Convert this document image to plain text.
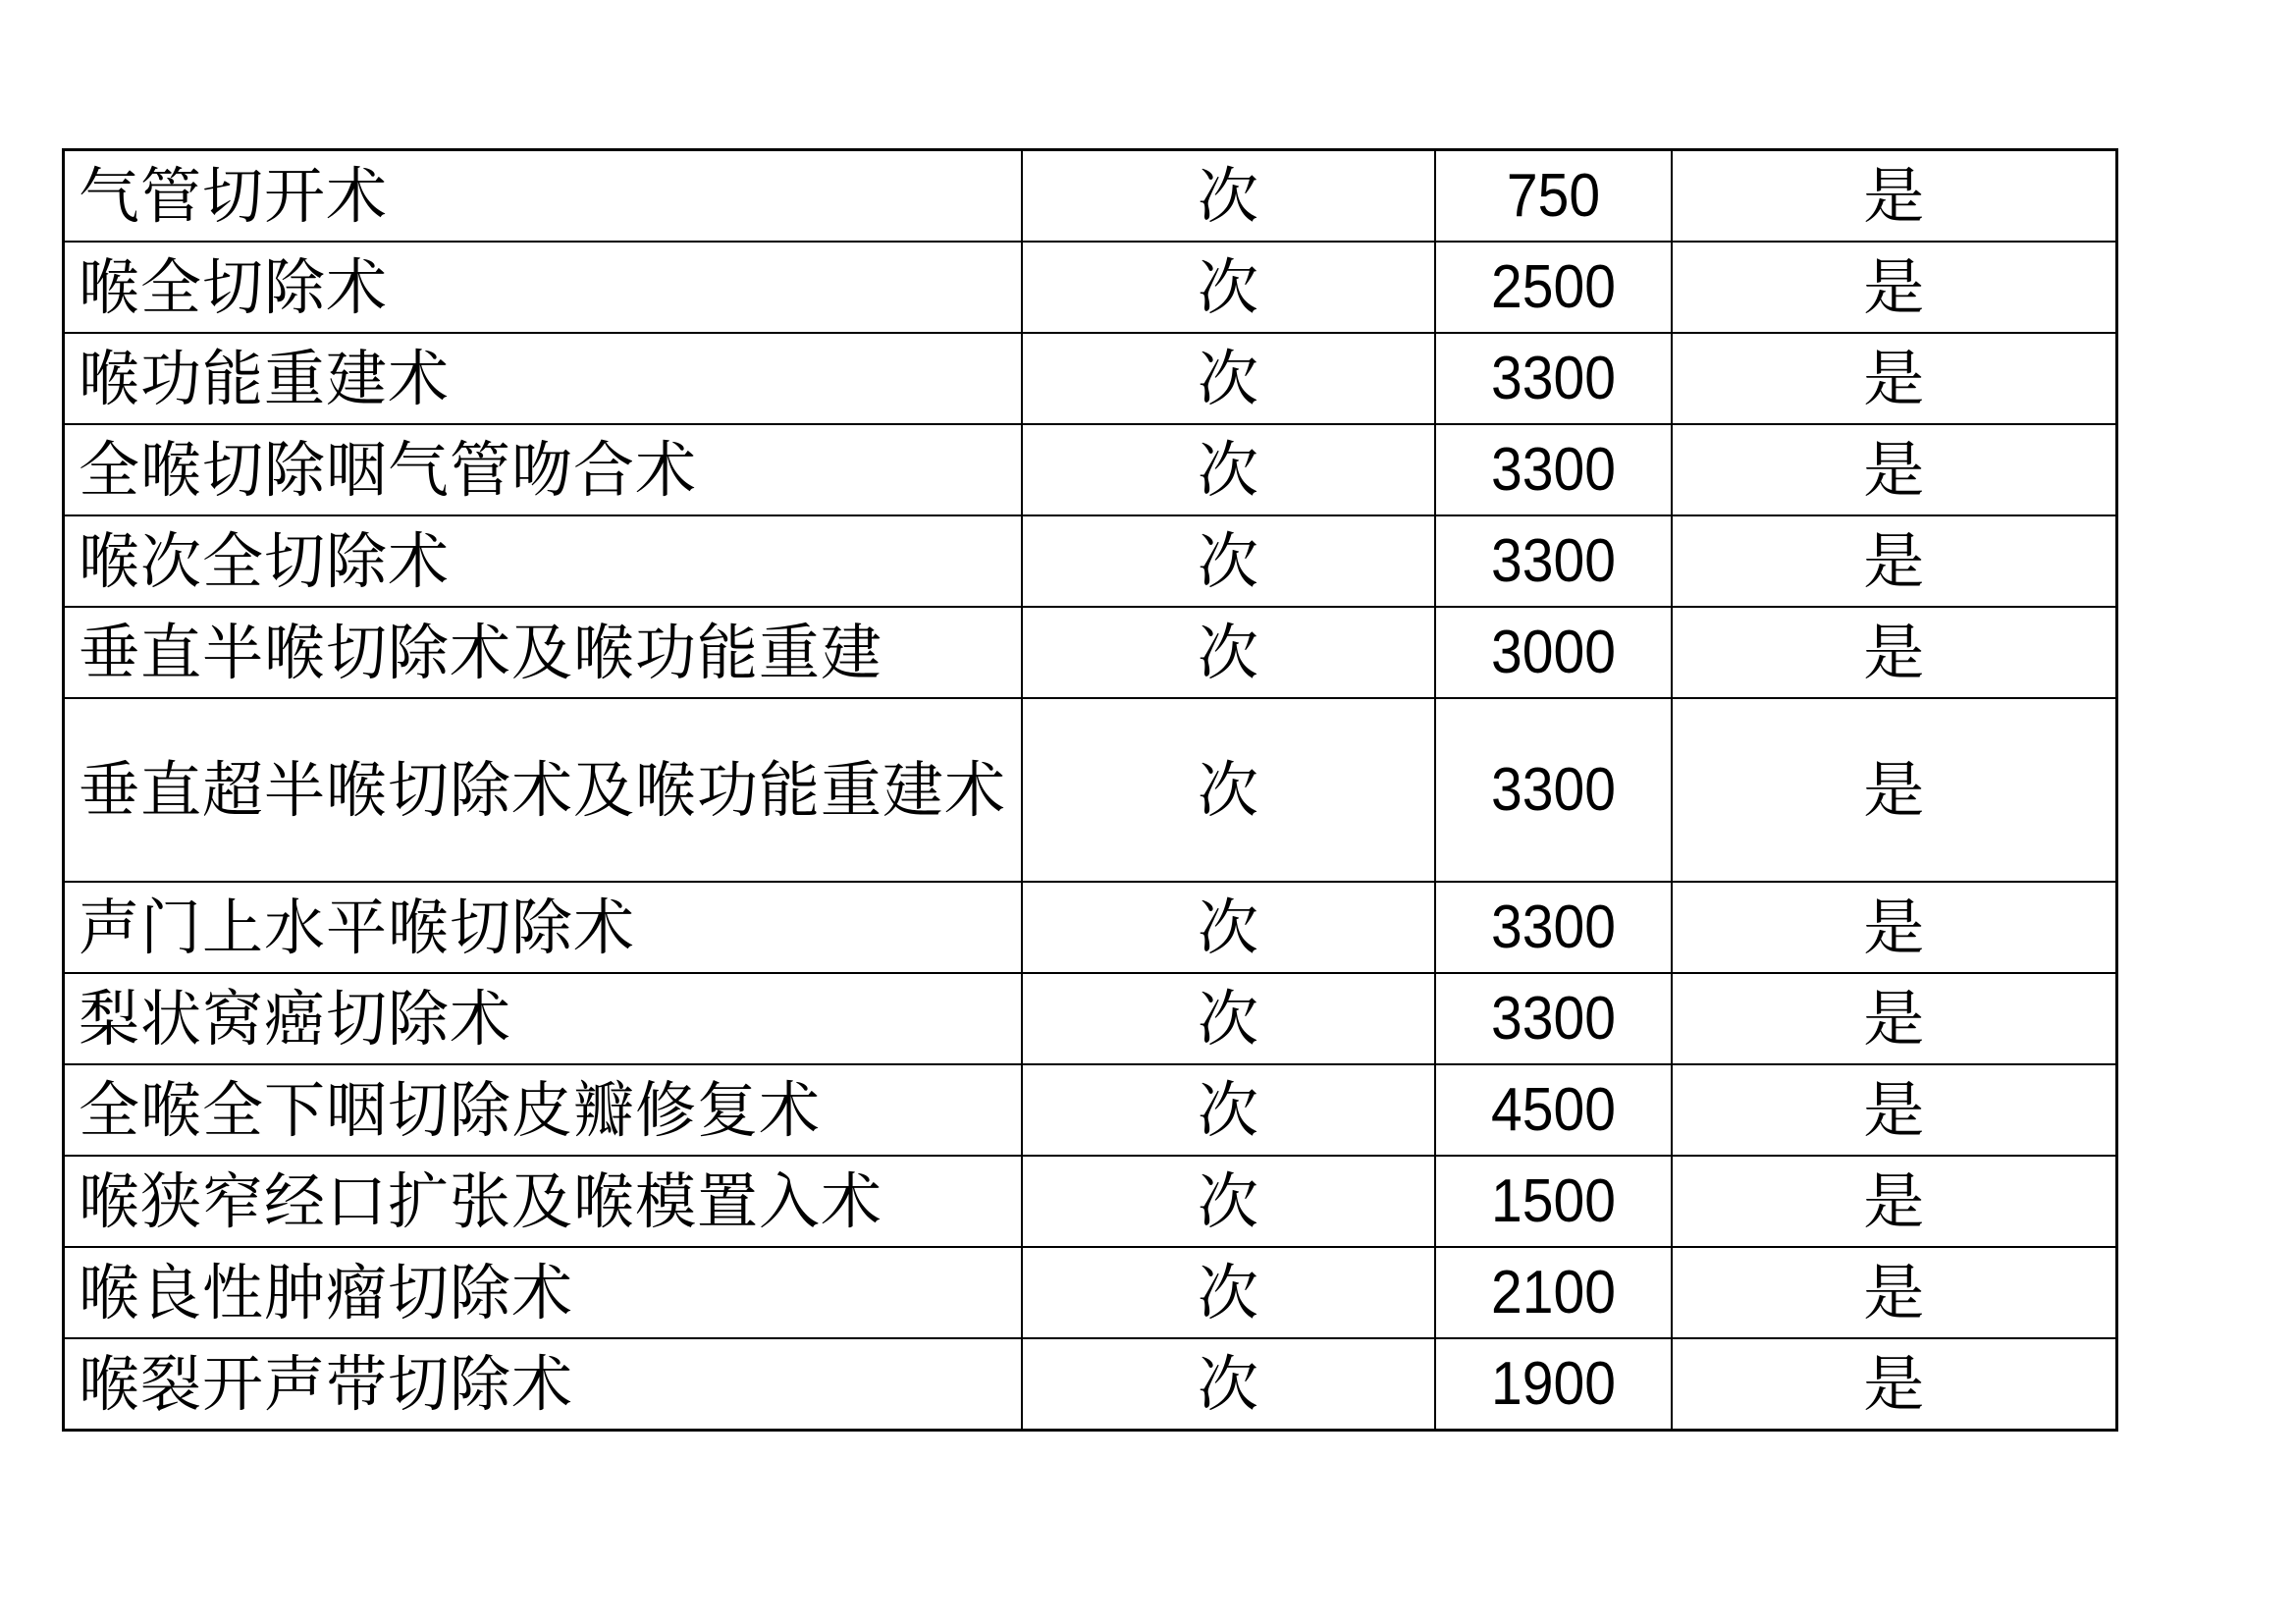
气管切开术	次	750	是
喉全切除术	次	2500	是
喉功能重建术	次	3300	是
全喉切除咽气管吻合术	次	3300	是
喉次全切除术	次	3300	是
垂直半喉切除术及喉功能重建	次	3000	是
垂直超半喉切除术及喉功能重建术	次	3300	是
声门上水平喉切除术	次	3300	是
梨状窝癌切除术	次	3300	是
全喉全下咽切除皮瓣修复术	次	4500	是
喉狭窄经口扩张及喉模置入术	次	1500	是
喉良性肿瘤切除术	次	2100	是
喉裂开声带切除术	次	1900	是
